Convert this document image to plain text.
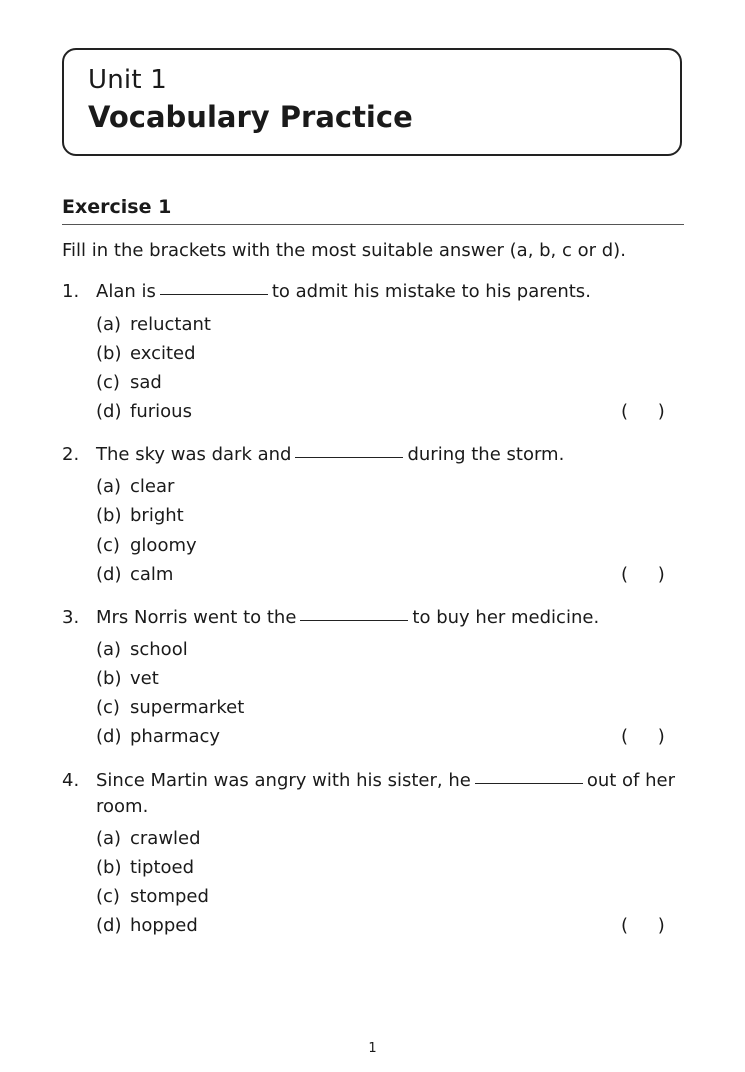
Unit 1
Vocabulary Practice
Exercise 1
Fill in the brackets with the most suitable answer (a, b, c or d).
1. Alan is	to admit his mistake to his parents.
(a) reluctant
(b) excited
(c) sad
(d) furious	( )
2. The sky was dark and	during the storm.
(a) clear
(b) bright
(c) gloomy
(d) calm	( )
3. Mrs Norris went to the	to buy her medicine.
(a) school
(b) vet
(c) supermarket
(d) pharmacy	( )
4. Since Martin was angry with his sister, he	out of her room.
(a) crawled
(b) tiptoed
(c) stomped
(d) hopped	( )
1
